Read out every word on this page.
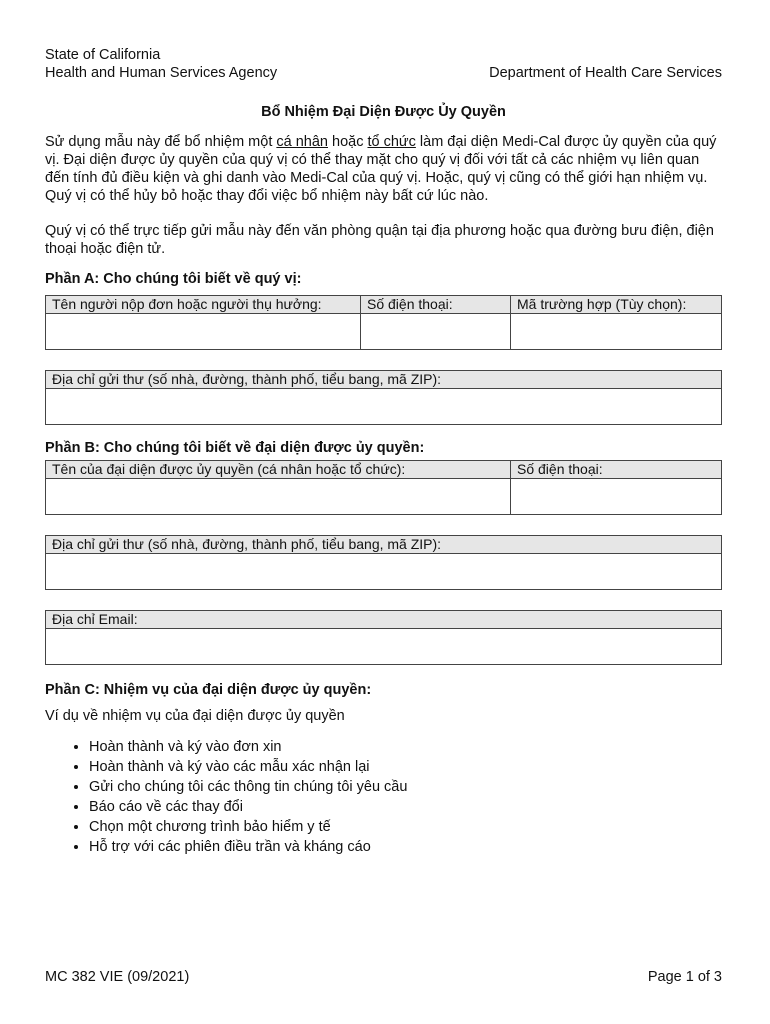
State of California
Health and Human Services Agency	Department of Health Care Services
Bổ Nhiệm Đại Diện Được Ủy Quyền

Sử dụng mẫu này để bổ nhiệm một cá nhân hoặc tổ chức làm đại diện Medi-Cal được ủy quyền của quý vị. Đại diện được ủy quyền của quý vị có thể thay mặt cho quý vị đối với tất cả các nhiệm vụ liên quan đến tính đủ điều kiện và ghi danh vào Medi-Cal của quý vị. Hoặc, quý vị cũng có thể giới hạn nhiệm vụ. Quý vị có thể hủy bỏ hoặc thay đổi việc bổ nhiệm này bất cứ lúc nào.

Quý vị có thể trực tiếp gửi mẫu này đến văn phòng quận tại địa phương hoặc qua đường bưu điện, điện thoại hoặc điện tử.

Phần A: Cho chúng tôi biết về quý vị:
Tên người nộp đơn hoặc người thụ hưởng:	Số điện thoại:	Mã trường hợp (Tùy chọn):
Địa chỉ gửi thư (số nhà, đường, thành phố, tiểu bang, mã ZIP):
Phần B: Cho chúng tôi biết về đại diện được ủy quyền:
Tên của đại diện được ủy quyền (cá nhân hoặc tổ chức):	Số điện thoại:
Địa chỉ gửi thư (số nhà, đường, thành phố, tiểu bang, mã ZIP):
Địa chỉ Email:
Phần C: Nhiệm vụ của đại diện được ủy quyền:

Ví dụ về nhiệm vụ của đại diện được ủy quyền

• Hoàn thành và ký vào đơn xin
• Hoàn thành và ký vào các mẫu xác nhận lại
• Gửi cho chúng tôi các thông tin chúng tôi yêu cầu
• Báo cáo về các thay đổi
• Chọn một chương trình bảo hiểm y tế
• Hỗ trợ với các phiên điều trần và kháng cáo
MC 382 VIE (09/2021)	Page 1 of 3
